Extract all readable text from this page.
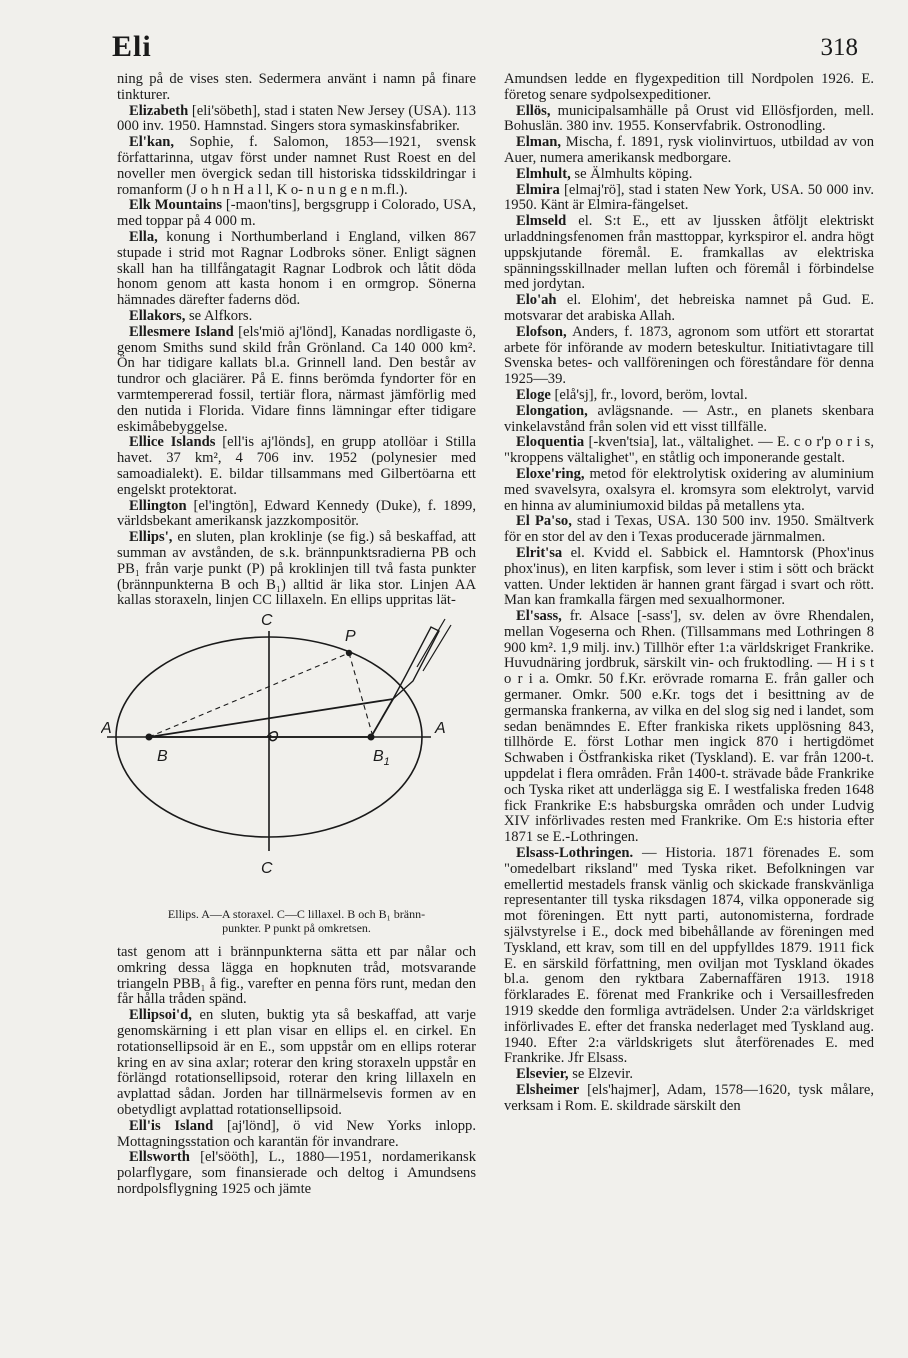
Eli	318
ning på de vises sten. Sedermera använt i namn på finare tinkturer.
Elizabeth [eli'söbeth], stad i staten New Jersey (USA). 113 000 inv. 1950. Hamnstad. Singers stora symaskinsfabriker.
El'kan, Sophie, f. Salomon, 1853—1921, svensk författarinna, utgav först under namnet Rust Roest en del noveller men övergick sedan till historiska tidsskildringar i romanform (J o h n H a l l, K o- n u n g e n m.fl.).
Elk Mountains [-maon'tins], bergsgrupp i Colorado, USA, med toppar på 4 000 m.
Ella, konung i Northumberland i England, vilken 867 stupade i strid mot Ragnar Lodbroks söner. Enligt sägnen skall han ha tillfångatagit Ragnar Lodbrok och låtit döda honom genom att kasta honom i en ormgrop. Sönerna hämnades därefter faderns död.
Ellakors, se Alfkors.
Ellesmere Island [els'miö aj'lönd], Kanadas nordligaste ö, genom Smiths sund skild från Grönland. Ca 140 000 km². Ön har tidigare kallats bl.a. Grinnell land. Den består av tundror och glaciärer. På E. finns berömda fyndorter för en varmtempererad fossil, tertiär flora, närmast jämförlig med den nutida i Florida. Vidare finns lämningar efter tidigare eskimåbebyggelse.
Ellice Islands [ell'is aj'lönds], en grupp atollöar i Stilla havet. 37 km², 4 706 inv. 1952 (polynesier med samoadialekt). E. bildar tillsammans med Gilbertöarna ett engelskt protektorat.
Ellington [el'ingtön], Edward Kennedy (Duke), f. 1899, världsbekant amerikansk jazzkompositör.
Ellips', en sluten, plan kroklinje (se fig.) så beskaffad, att summan av avstånden, de s.k. brännpunktsradierna PB och PB₁ från varje punkt (P) på kroklinjen till två fasta punkter (brännpunkterna B och B₁) alltid är lika stor. Linjen AA kallas storaxeln, linjen CC lillaxeln. En ellips uppritas lät-
C
C
A	A
B	$B_1$
P
Ellips. A—A storaxel. C—C lillaxel. B och B₁ bränn-
punkter. P punkt på omkretsen.
tast genom att i brännpunkterna sätta ett par nålar och omkring dessa lägga en hopknuten tråd, motsvarande triangeln PBB₁ å fig., varefter en penna förs runt, medan den får hålla tråden spänd.
Ellipsoi'd, en sluten, buktig yta så beskaffad, att varje genomskärning i ett plan visar en ellips el. en cirkel. En rotationsellipsoid är en E., som uppstår om en ellips roterar kring en av sina axlar; roterar den kring storaxeln uppstår en förlängd rotationsellipsoid, roterar den kring lillaxeln en avplattad sådan. Jorden har tillnärmelsevis formen av en obetydligt avplattad rotationsellipsoid.
Ell'is Island [aj'lönd], ö vid New Yorks inlopp. Mottagningsstation och karantän för invandrare.
Ellsworth [el'sööth], L., 1880—1951, nordamerikansk polarflygare, som finansierade och deltog i Amundsens nordpolsflygning 1925 och jämte
Amundsen ledde en flygexpedition till Nordpolen 1926. E. företog senare sydpolsexpeditioner.
Ellös, municipalsamhälle på Orust vid Ellösfjorden, mell. Bohuslän. 380 inv. 1955. Konservfabrik. Ostronodling.
Elman, Mischa, f. 1891, rysk violinvirtuos, utbildad av von Auer, numera amerikansk medborgare.
Elmhult, se Älmhults köping.
Elmira [elmaj'rö], stad i staten New York, USA. 50 000 inv. 1950. Känt är Elmira-fängelset.
Elmseld el. S:t E., ett av ljussken åtföljt elektriskt urladdningsfenomen från masttoppar, kyrkspiror el. andra högt uppskjutande föremål. E. framkallas av elektriska spänningsskillnader mellan luften och föremål i förbindelse med jordytan.
Elo'ah el. Elohim', det hebreiska namnet på Gud. E. motsvarar det arabiska Allah.
Elofson, Anders, f. 1873, agronom som utfört ett storartat arbete för införande av modern beteskultur. Initiativtagare till Svenska betes- och vallföreningen och föreståndare för denna 1925—39.
Eloge [elå'sj], fr., lovord, beröm, lovtal.
Elongation, avlägsnande. — Astr., en planets skenbara vinkelavstånd från solen vid ett visst tillfälle.
Eloquentia [-kven'tsia], lat., vältalighet. — E. c o r'p o r i s, "kroppens vältalighet", en ståtlig och imponerande gestalt.
Eloxe'ring, metod för elektrolytisk oxidering av aluminium med svavelsyra, oxalsyra el. kromsyra som elektrolyt, varvid en hinna av aluminiumoxid bildas på metallens yta.
El Pa'so, stad i Texas, USA. 130 500 inv. 1950. Smältverk för en stor del av den i Texas producerade järnmalmen.
Elrit'sa el. Kvidd el. Sabbick el. Hamntorsk (Phox'inus phox'inus), en liten karpfisk, som lever i stim i sött och bräckt vatten. Under lektiden är hannen grant färgad i svart och rött. Man kan framkalla färgen med sexualhormoner.
El'sass, fr. Alsace [-sass'], sv. delen av övre Rhendalen, mellan Vogeserna och Rhen. (Tillsammans med Lothringen 8 900 km². 1,9 milj. inv.) Tillhör efter 1:a världskriget Frankrike. Huvudnäring jordbruk, särskilt vin- och fruktodling. — H i s t o r i a. Omkr. 50 f.Kr. erövrade romarna E. från galler och germaner. Omkr. 500 e.Kr. togs det i besittning av de germanska frankerna, av vilka en del slog sig ned i landet, som sedan benämndes E. Efter frankiska rikets upplösning 843, tillhörde E. först Lothar men ingick 870 i hertigdömet Schwaben i Östfrankiska riket (Tyskland). E. var från 1200-t. uppdelat i flera områden. Från 1400-t. strävade både Frankrike och Tyska riket att underlägga sig E. I westfaliska freden 1648 fick Frankrike E:s habsburgska områden och under Ludvig XIV införlivades resten med Frankrike. Om E:s historia efter 1871 se E.-Lothringen.
Elsass-Lothringen. — Historia. 1871 förenades E. som "omedelbart riksland" med Tyska riket. Befolkningen var emellertid mestadels fransk vänlig och skickade franskvänliga representanter till tyska riksdagen 1874, vilka opponerade sig mot föreningen. Ett nytt parti, autonomisterna, fordrade självstyrelse i E., dock med bibehållande av föreningen med Tyskland, ett krav, som till en del uppfylldes 1879. 1911 fick E. en särskild författning, men oviljan mot Tyskland ökades bl.a. genom den ryktbara Zabernaffären 1913. 1918 förklarades E. förenat med Frankrike och i Versaillesfreden 1919 skedde den formliga avträdelsen. Under 2:a världskriget införlivades E. efter det franska nederlaget med Tyskland aug. 1940. Efter 2:a världskrigets slut återförenades E. med Frankrike. Jfr Elsass.
Elsevier, se Elzevir.
Elsheimer [els'hajmer], Adam, 1578—1620, tysk målare, verksam i Rom. E. skildrade särskilt den
